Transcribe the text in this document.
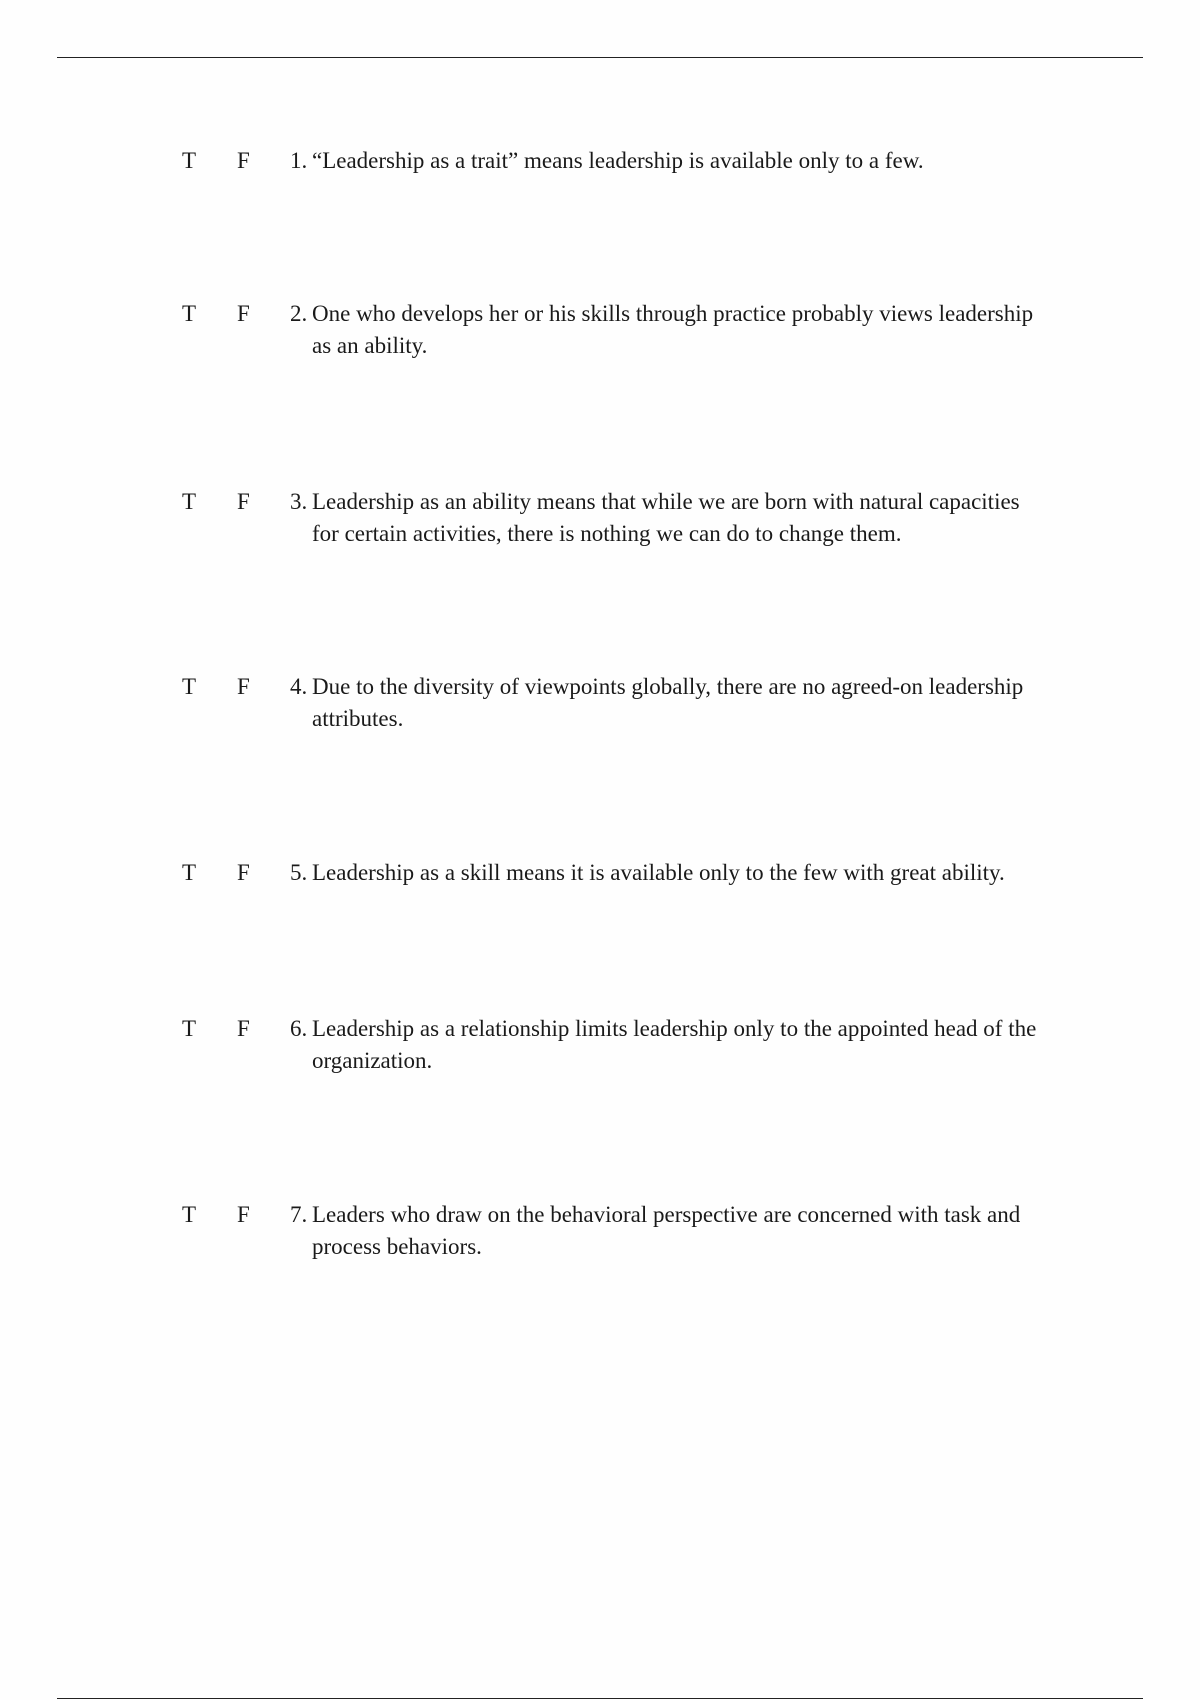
T	F	1. “Leadership as a trait” means leadership is available only to a few.

T	F	2. One who develops her or his skills through practice probably views leadership as an ability.

T	F	3. Leadership as an ability means that while we are born with natural capacities for certain activities, there is nothing we can do to change them.

T	F	4. Due to the diversity of viewpoints globally, there are no agreed-on leadership attributes.

T	F	5. Leadership as a skill means it is available only to the few with great ability.

T	F	6. Leadership as a relationship limits leadership only to the appointed head of the organization.

T	F	7. Leaders who draw on the behavioral perspective are concerned with task and process behaviors.
